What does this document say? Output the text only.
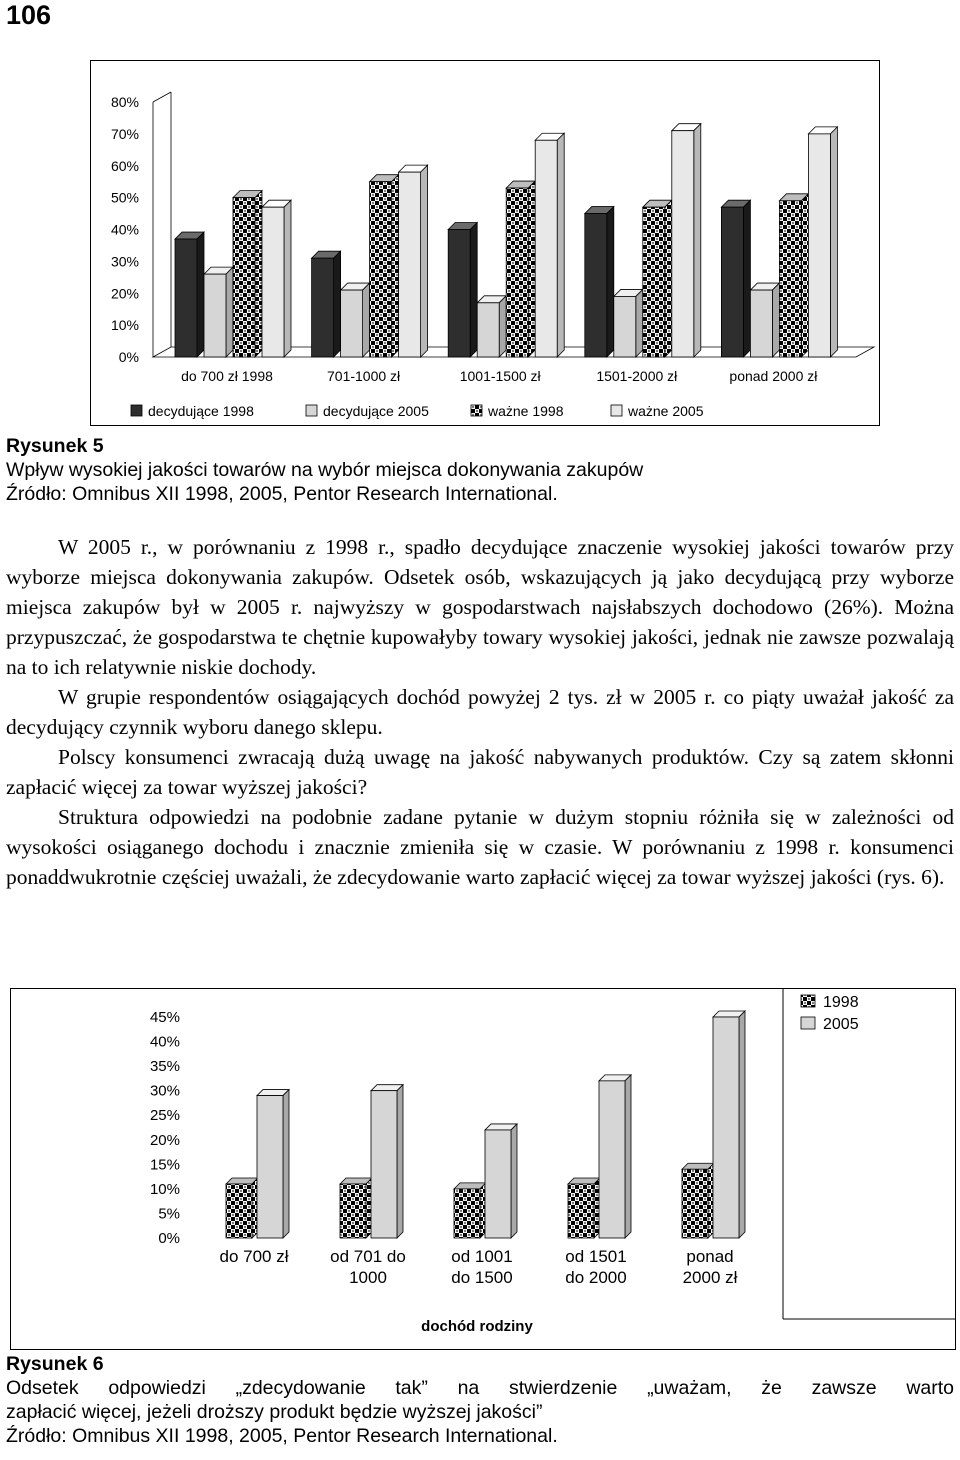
106
0%
10%
20%
30%
40%
50%
60%
70%
80%
do 700 zł 1998	701-1000 zł	1001-1500 zł	1501-2000 zł	ponad 2000 zł
decydujące 1998	decydujące 2005	ważne 1998	ważne 2005
Rysunek 5
Wpływ wysokiej jakości towarów na wybór miejsca dokonywania zakupów
Źródło: Omnibus XII 1998, 2005, Pentor Research International.

W 2005 r., w porównaniu z 1998 r., spadło decydujące znaczenie wysokiej jakości towarów przy wyborze miejsca dokonywania zakupów. Odsetek osób, wskazujących ją jako decydującą przy wyborze miejsca zakupów był w 2005 r. najwyższy w gospodarstwach najsłabszych dochodowo (26%). Można przypuszczać, że gospodarstwa te chętnie kupowałyby towary wysokiej jakości, jednak nie zawsze pozwalają na to ich relatywnie niskie dochody.

W grupie respondentów osiągających dochód powyżej 2 tys. zł w 2005 r. co piąty uważał jakość za decydujący czynnik wyboru danego sklepu.

Polscy konsumenci zwracają dużą uwagę na jakość nabywanych produktów. Czy są zatem skłonni zapłacić więcej za towar wyższej jakości?

Struktura odpowiedzi na podobnie zadane pytanie w dużym stopniu różniła się w zależności od wysokości osiąganego dochodu i znacznie zmieniła się w czasie. W porównaniu z 1998 r. konsumenci ponaddwukrotnie częściej uważali, że zdecydowanie warto zapłacić więcej za towar wyższej jakości (rys. 6).

0%
5%
10%
15%
20%
25%
30%
35%
40%
45%
do 700 zł od 701 do
1000
od 1001
do 1500
od 1501
do 2000
ponad
2000 zł
dochód rodziny
1998
2005
Rysunek 6
Odsetek odpowiedzi „zdecydowanie tak” na stwierdzenie „uważam, że zawsze warto
zapłacić więcej, jeżeli droższy produkt będzie wyższej jakości”
Źródło: Omnibus XII 1998, 2005, Pentor Research International.
